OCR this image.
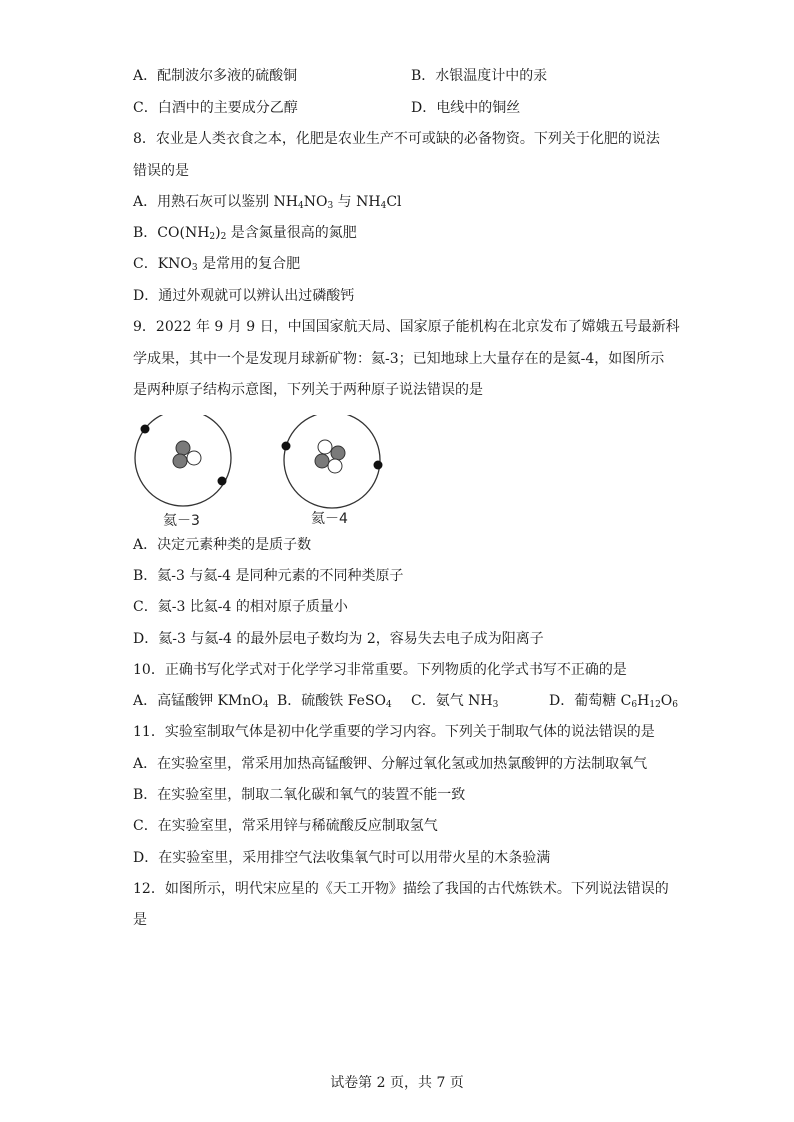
A．配制波尔多液的硫酸铜	B．水银温度计中的汞
C．白酒中的主要成分乙醇	D．电线中的铜丝
8．农业是人类衣食之本，化肥是农业生产不可或缺的必备物资。下列关于化肥的说法
错误的是
A．用熟石灰可以鉴别 $NH_4NO_3$ 与 $NH_4Cl$
B．$CO(NH_2)_2$ 是含氮量很高的氮肥
C．$KNO_3$ 是常用的复合肥
D．通过外观就可以辨认出过磷酸钙
9．2022 年 9 月 9 日，中国国家航天局、国家原子能机构在北京发布了嫦娥五号最新科
学成果，其中一个是发现月球新矿物：氦-3；已知地球上大量存在的是氦-4，如图所示
是两种原子结构示意图，下列关于两种原子说法错误的是
氦－3	氦－4
A．决定元素种类的是质子数
B．氦-3 与氦-4 是同种元素的不同种类原子
C．氦-3 比氦-4 的相对原子质量小
D．氦-3 与氦-4 的最外层电子数均为 2，容易失去电子成为阳离子
10．正确书写化学式对于化学学习非常重要。下列物质的化学式书写不正确的是
A．高锰酸钾 KMnO$_4$ B．硫酸铁 FeSO$_4$ C．氨气 $NH_3$	D．葡萄糖 $C_6H_{12}O_6$
11．实验室制取气体是初中化学重要的学习内容。下列关于制取气体的说法错误的是
A．在实验室里，常采用加热高锰酸钾、分解过氧化氢或加热氯酸钾的方法制取氧气
B．在实验室里，制取二氧化碳和氧气的装置不能一致
C．在实验室里，常采用锌与稀硫酸反应制取氢气
D．在实验室里，采用排空气法收集氧气时可以用带火星的木条验满
12．如图所示，明代宋应星的《天工开物》描绘了我国的古代炼铁术。下列说法错误的
是
试卷第 2 页，共 7 页
